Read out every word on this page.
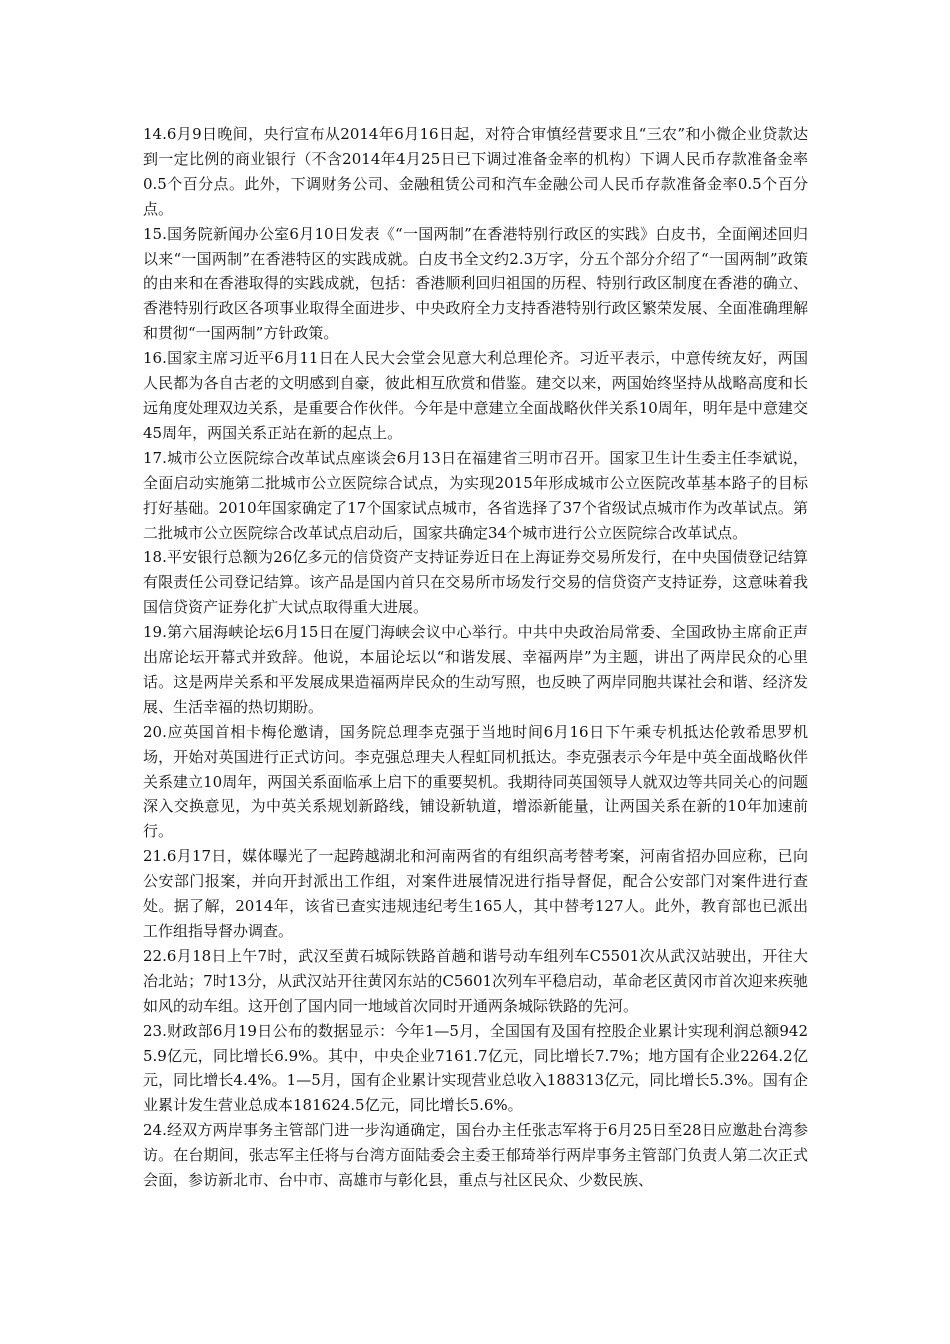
14.6月9日晚间，央行宣布从2014年6月16日起，对符合审慎经营要求且“三农”和小微企业贷款达到一定比例的商业银行（不含2014年4月25日已下调过准备金率的机构）下调人民币存款准备金率0.5个百分点。此外，下调财务公司、金融租赁公司和汽车金融公司人民币存款准备金率0.5个百分点。

15.国务院新闻办公室6月10日发表《“一国两制”在香港特别行政区的实践》白皮书，全面阐述回归以来“一国两制”在香港特区的实践成就。白皮书全文约2.3万字，分五个部分介绍了“一国两制”政策的由来和在香港取得的实践成就，包括：香港顺利回归祖国的历程、特别行政区制度在香港的确立、香港特别行政区各项事业取得全面进步、中央政府全力支持香港特别行政区繁荣发展、全面准确理解和贯彻“一国两制”方针政策。

16.国家主席习近平6月11日在人民大会堂会见意大利总理伦齐。习近平表示，中意传统友好，两国人民都为各自古老的文明感到自豪，彼此相互欣赏和借鉴。建交以来，两国始终坚持从战略高度和长远角度处理双边关系，是重要合作伙伴。今年是中意建立全面战略伙伴关系10周年，明年是中意建交45周年，两国关系正站在新的起点上。

17.城市公立医院综合改革试点座谈会6月13日在福建省三明市召开。国家卫生计生委主任李斌说，全面启动实施第二批城市公立医院综合试点，为实现2015年形成城市公立医院改革基本路子的目标打好基础。2010年国家确定了17个国家试点城市，各省选择了37个省级试点城市作为改革试点。第二批城市公立医院综合改革试点启动后，国家共确定34个城市进行公立医院综合改革试点。

18.平安银行总额为26亿多元的信贷资产支持证券近日在上海证券交易所发行，在中央国债登记结算有限责任公司登记结算。该产品是国内首只在交易所市场发行交易的信贷资产支持证券，这意味着我国信贷资产证券化扩大试点取得重大进展。

19.第六届海峡论坛6月15日在厦门海峡会议中心举行。中共中央政治局常委、全国政协主席俞正声出席论坛开幕式并致辞。他说，本届论坛以“和谐发展、幸福两岸”为主题，讲出了两岸民众的心里话。这是两岸关系和平发展成果造福两岸民众的生动写照，也反映了两岸同胞共谋社会和谐、经济发展、生活幸福的热切期盼。

20.应英国首相卡梅伦邀请，国务院总理李克强于当地时间6月16日下午乘专机抵达伦敦希思罗机场，开始对英国进行正式访问。李克强总理夫人程虹同机抵达。李克强表示今年是中英全面战略伙伴关系建立10周年，两国关系面临承上启下的重要契机。我期待同英国领导人就双边等共同关心的问题深入交换意见，为中英关系规划新路线，铺设新轨道，增添新能量，让两国关系在新的10年加速前行。

21.6月17日，媒体曝光了一起跨越湖北和河南两省的有组织高考替考案，河南省招办回应称，已向公安部门报案，并向开封派出工作组，对案件进展情况进行指导督促，配合公安部门对案件进行查处。据了解，2014年，该省已查实违规违纪考生165人，其中替考127人。此外，教育部也已派出工作组指导督办调查。

22.6月18日上午7时，武汉至黄石城际铁路首趟和谐号动车组列车C5501次从武汉站驶出，开往大冶北站；7时13分，从武汉站开往黄冈东站的C5601次列车平稳启动，革命老区黄冈市首次迎来疾驰如风的动车组。这开创了国内同一地域首次同时开通两条城际铁路的先河。

23.财政部6月19日公布的数据显示：今年1—5月，全国国有及国有控股企业累计实现利润总额9425.9亿元，同比增长6.9%。其中，中央企业7161.7亿元，同比增长7.7%；地方国有企业2264.2亿元，同比增长4.4%。1—5月，国有企业累计实现营业总收入188313亿元，同比增长5.3%。国有企业累计发生营业总成本181624.5亿元，同比增长5.6%。

24.经双方两岸事务主管部门进一步沟通确定，国台办主任张志军将于6月25日至28日应邀赴台湾参访。在台期间，张志军主任将与台湾方面陆委会主委王郁琦举行两岸事务主管部门负责人第二次正式会面，参访新北市、台中市、高雄市与彰化县，重点与社区民众、少数民族、
